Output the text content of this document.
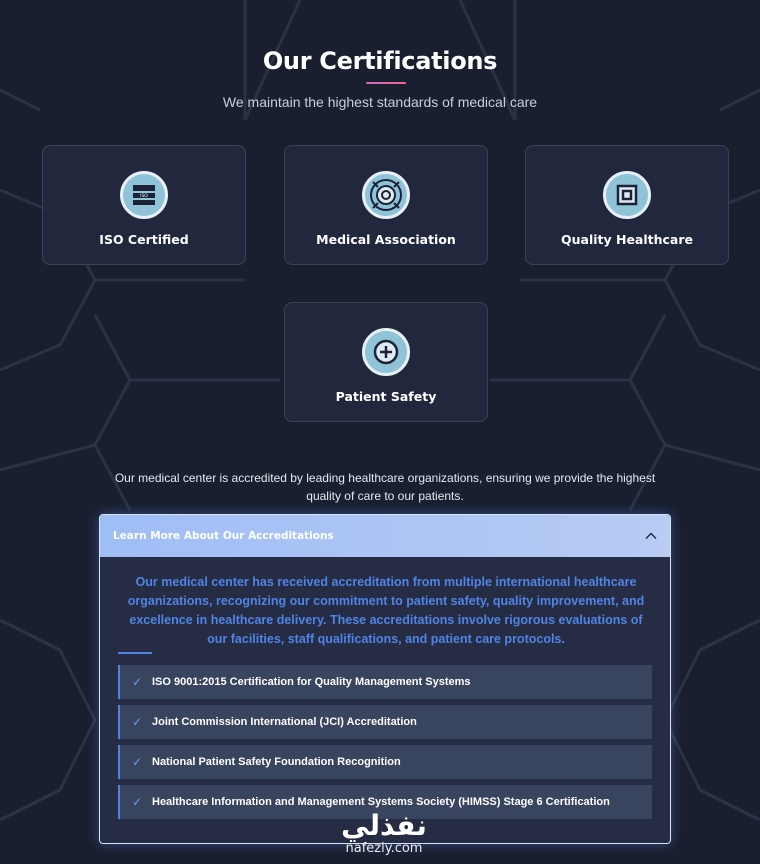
Our Certifications

We maintain the highest standards of medical care

ISO
ISO Certified	Medical Association	Quality Healthcare
Patient Safety

Our medical center is accredited by leading healthcare organizations, ensuring we provide the highest quality of care to our patients.

Learn More About Our Accreditations

Our medical center has received accreditation from multiple international healthcare organizations, recognizing our commitment to patient safety, quality improvement, and excellence in healthcare delivery. These accreditations involve rigorous evaluations of our facilities, staff qualifications, and patient care protocols.

✓ ISO 9001:2015 Certification for Quality Management Systems
✓ Joint Commission International (JCI) Accreditation
✓ National Patient Safety Foundation Recognition
✓ Healthcare Information and Management Systems Society (HIMSS) Stage 6 Certification
نفذلي
nafezly.com
